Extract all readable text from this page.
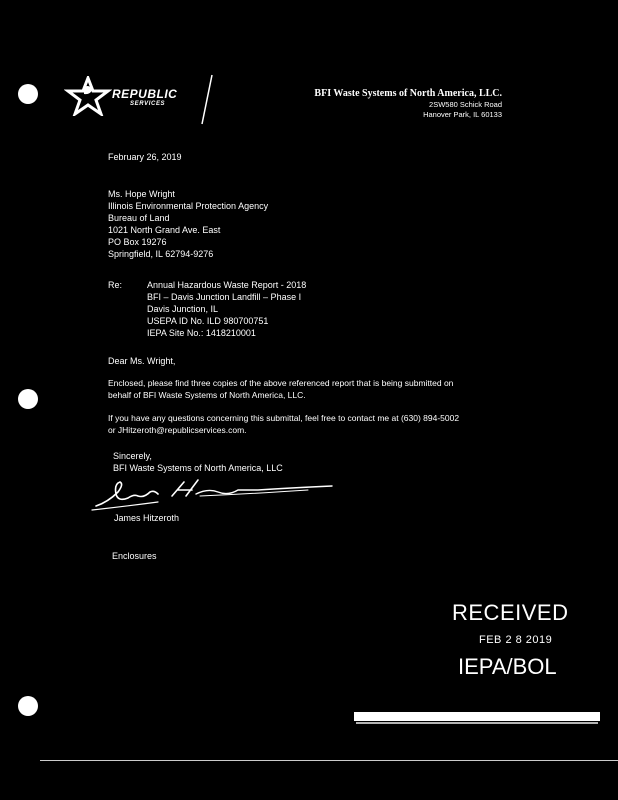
REPUBLIC
SERVICES
BFI Waste Systems of North America, LLC.
2SW580 Schick Road
Hanover Park, IL 60133
February 26, 2019
Ms. Hope Wright
Illinois Environmental Protection Agency
Bureau of Land
1021 North Grand Ave. East
PO Box 19276
Springfield, IL 62794-9276
Re:	Annual Hazardous Waste Report - 2018
BFI – Davis Junction Landfill – Phase I
Davis Junction, IL
USEPA ID No. ILD 980700751
IEPA Site No.: 1418210001
Dear Ms. Wright,
Enclosed, please find three copies of the above referenced report that is being submitted on
behalf of BFI Waste Systems of North America, LLC.
If you have any questions concerning this submittal, feel free to contact me at (630) 894-5002
or JHitzeroth@republicservices.com.
Sincerely,
BFI Waste Systems of North America, LLC
James Hitzeroth
Enclosures
RECEIVED
FEB 2 8 2019
IEPA/BOL
